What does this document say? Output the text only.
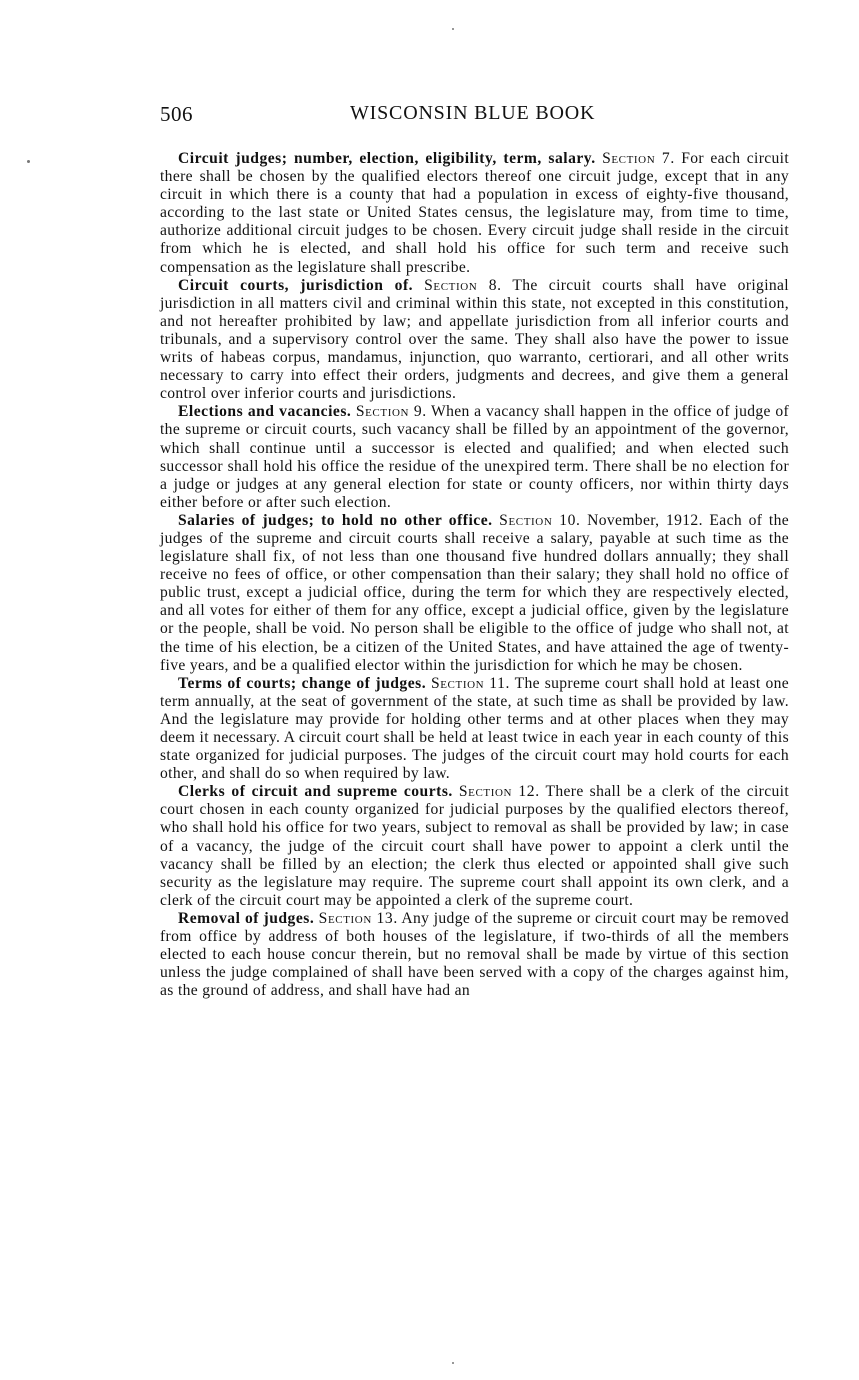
506	WISCONSIN BLUE BOOK

Circuit judges; number, election, eligibility, term, salary. Section 7. For each circuit there shall be chosen by the qualified electors thereof one circuit judge, except that in any circuit in which there is a county that had a population in excess of eighty-five thousand, according to the last state or United States census, the legislature may, from time to time, authorize additional circuit judges to be chosen. Every circuit judge shall reside in the circuit from which he is elected, and shall hold his office for such term and receive such compensation as the legislature shall prescribe.

Circuit courts, jurisdiction of. Section 8. The circuit courts shall have original jurisdiction in all matters civil and criminal within this state, not excepted in this constitution, and not hereafter prohibited by law; and appellate jurisdiction from all inferior courts and tribunals, and a supervisory control over the same. They shall also have the power to issue writs of habeas corpus, mandamus, injunction, quo warranto, certiorari, and all other writs necessary to carry into effect their orders, judgments and decrees, and give them a general control over inferior courts and jurisdictions.

Elections and vacancies. Section 9. When a vacancy shall happen in the office of judge of the supreme or circuit courts, such vacancy shall be filled by an appointment of the governor, which shall continue until a successor is elected and qualified; and when elected such successor shall hold his office the residue of the unexpired term. There shall be no election for a judge or judges at any general election for state or county officers, nor within thirty days either before or after such election.

Salaries of judges; to hold no other office. Section 10. November, 1912. Each of the judges of the supreme and circuit courts shall receive a salary, payable at such time as the legislature shall fix, of not less than one thousand five hundred dollars annually; they shall receive no fees of office, or other compensation than their salary; they shall hold no office of public trust, except a judicial office, during the term for which they are respectively elected, and all votes for either of them for any office, except a judicial office, given by the legislature or the people, shall be void. No person shall be eligible to the office of judge who shall not, at the time of his election, be a citizen of the United States, and have attained the age of twenty-five years, and be a qualified elector within the jurisdiction for which he may be chosen.

Terms of courts; change of judges. Section 11. The supreme court shall hold at least one term annually, at the seat of government of the state, at such time as shall be provided by law. And the legislature may provide for holding other terms and at other places when they may deem it necessary. A circuit court shall be held at least twice in each year in each county of this state organized for judicial purposes. The judges of the circuit court may hold courts for each other, and shall do so when required by law.

Clerks of circuit and supreme courts. Section 12. There shall be a clerk of the circuit court chosen in each county organized for judicial purposes by the qualified electors thereof, who shall hold his office for two years, subject to removal as shall be provided by law; in case of a vacancy, the judge of the circuit court shall have power to appoint a clerk until the vacancy shall be filled by an election; the clerk thus elected or appointed shall give such security as the legislature may require. The supreme court shall appoint its own clerk, and a clerk of the circuit court may be appointed a clerk of the supreme court.

Removal of judges. Section 13. Any judge of the supreme or circuit court may be removed from office by address of both houses of the legislature, if two-thirds of all the members elected to each house concur therein, but no removal shall be made by virtue of this section unless the judge complained of shall have been served with a copy of the charges against him, as the ground of address, and shall have had an
